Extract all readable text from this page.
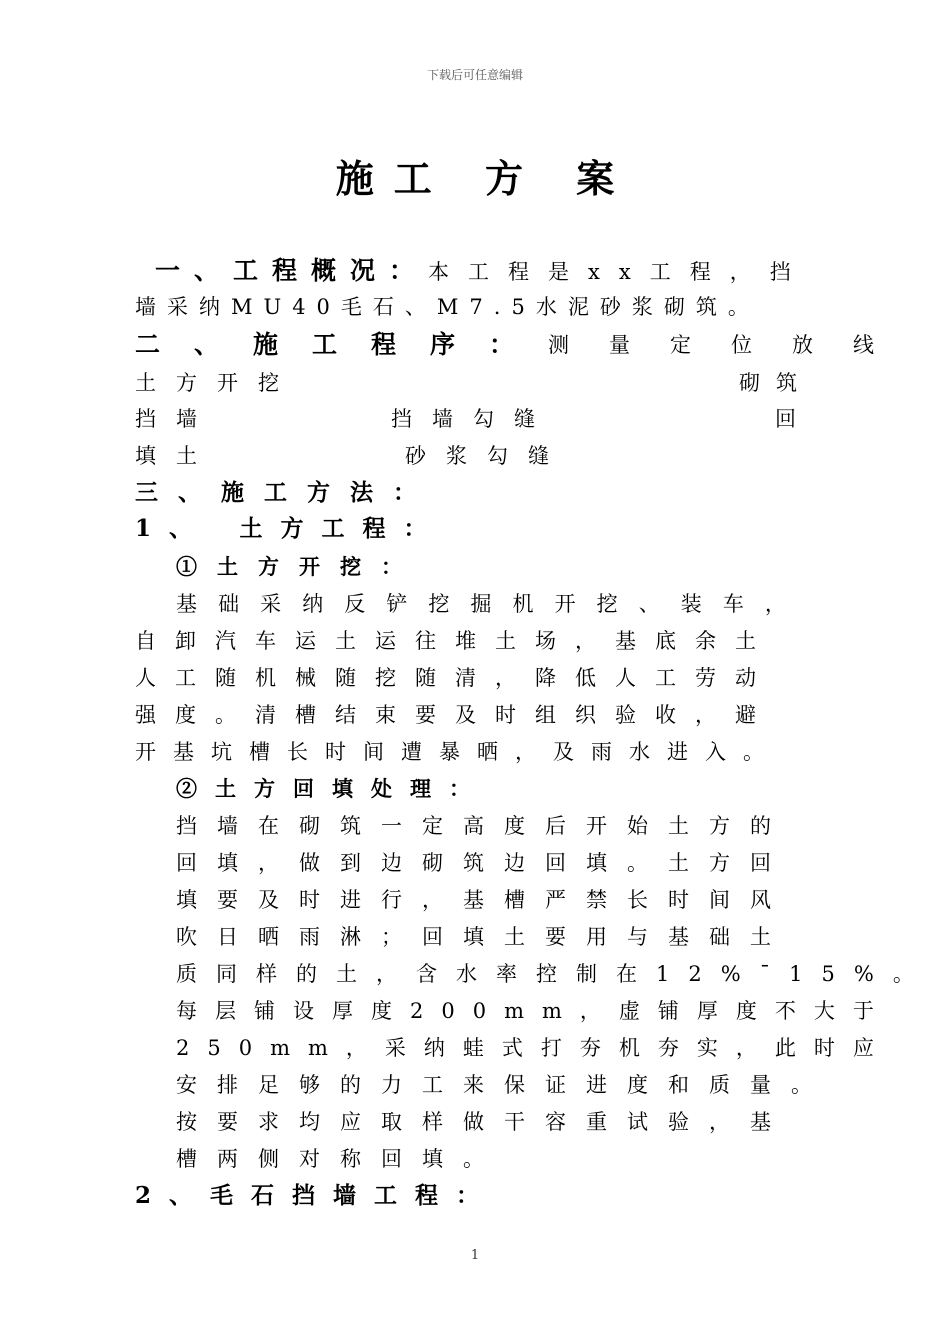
下载后可任意编辑
施工 方 案
一、工程概况：本工程是xx工程，挡
墙采纳MU40毛石、M7.5水泥砂浆砌筑。
二、施工程序： 测量定位放线
土方开挖	砌筑
挡墙	挡墙勾缝	回
填土	砂浆勾缝
三、施工方法：
1、　土方工程：
①土方开挖：
基 础 采 纳 反 铲 挖 掘 机 开 挖 、 装 车 ，
自卸汽车运土运往堆土场，基底余土
人工随机械随挖随清，降低人工劳动
强度。清槽结束要及时组织验收，避
开基坑槽长时间遭暴晒，及雨水进入。
②土方回填处理：
挡墙在砌筑一定高度后开始土方的
回填，做到边砌筑边回填。土方回
填要及时进行，基槽严禁长时间风
吹日晒雨淋；回填土要用与基础土
质同样的土，含水率控制在12%¯15%。
每层铺设厚度200mm，虚铺厚度不大于
250mm，采纳蛙式打夯机夯实，此时应
安排足够的力工来保证进度和质量。
按要求均应取样做干容重试验，基
槽两侧对称回填。
2、毛石挡墙工程：
1
